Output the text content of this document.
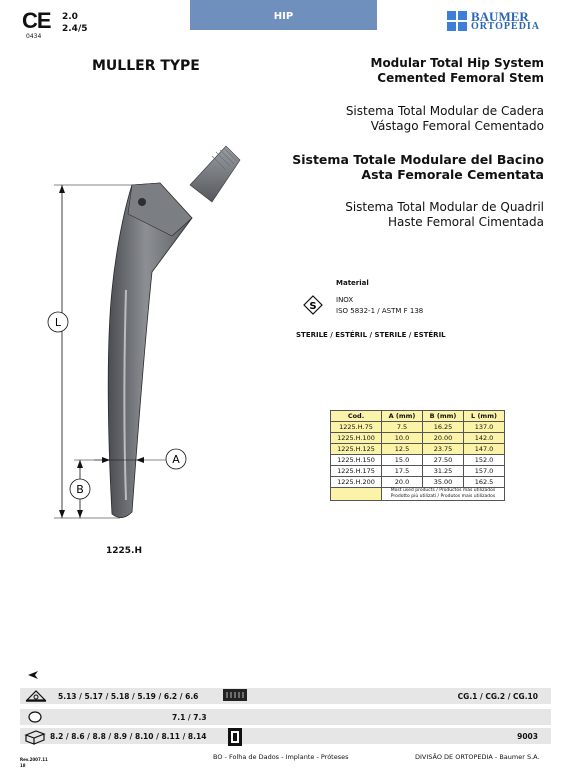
CE
0434
2.0
2.4/5
HIP	BAUMER
ORTOPEDIA
MULLER TYPE	Modular Total Hip System
Cemented Femoral Stem

Sistema Total Modular de Cadera
Vástago Femoral Cementado

Sistema Totale Modulare del Bacino
Asta Femorale Cementata

Sistema Total Modular de Quadril
Haste Femoral Cimentada

Material
S
INOX
ISO 5832-1 / ASTM F 138
STERILE / ESTÉRIL / STERILE / ESTÉRIL
L
B
A
1225.H
Cod.	A (mm)	B (mm)	L (mm)
1225.H.75	7.5	16.25	137.0
1225.H.100	10.0	20.00	142.0
1225.H.125	12.5	23.75	147.0
1225.H.150	15.0	27.50	152.0
1225.H.175	17.5	31.25	157.0
1225.H.200	20.0	35.00	162.5
	Most used products / Productos más utilizados
Prodotto più utilizati / Produtos mais utilizados		
5.13 / 5.17 / 5.18 / 5.19 / 6.2 / 6.6	CG.1 / CG.2 / CG.10
7.1 / 7.3
8.2 / 8.6 / 8.8 / 8.9 / 8.10 / 8.11 / 8.14	9003
Rev.2007.11
18
BO - Folha de Dados - Implante - Próteses	DIVISÃO DE ORTOPEDIA - Baumer S.A.
